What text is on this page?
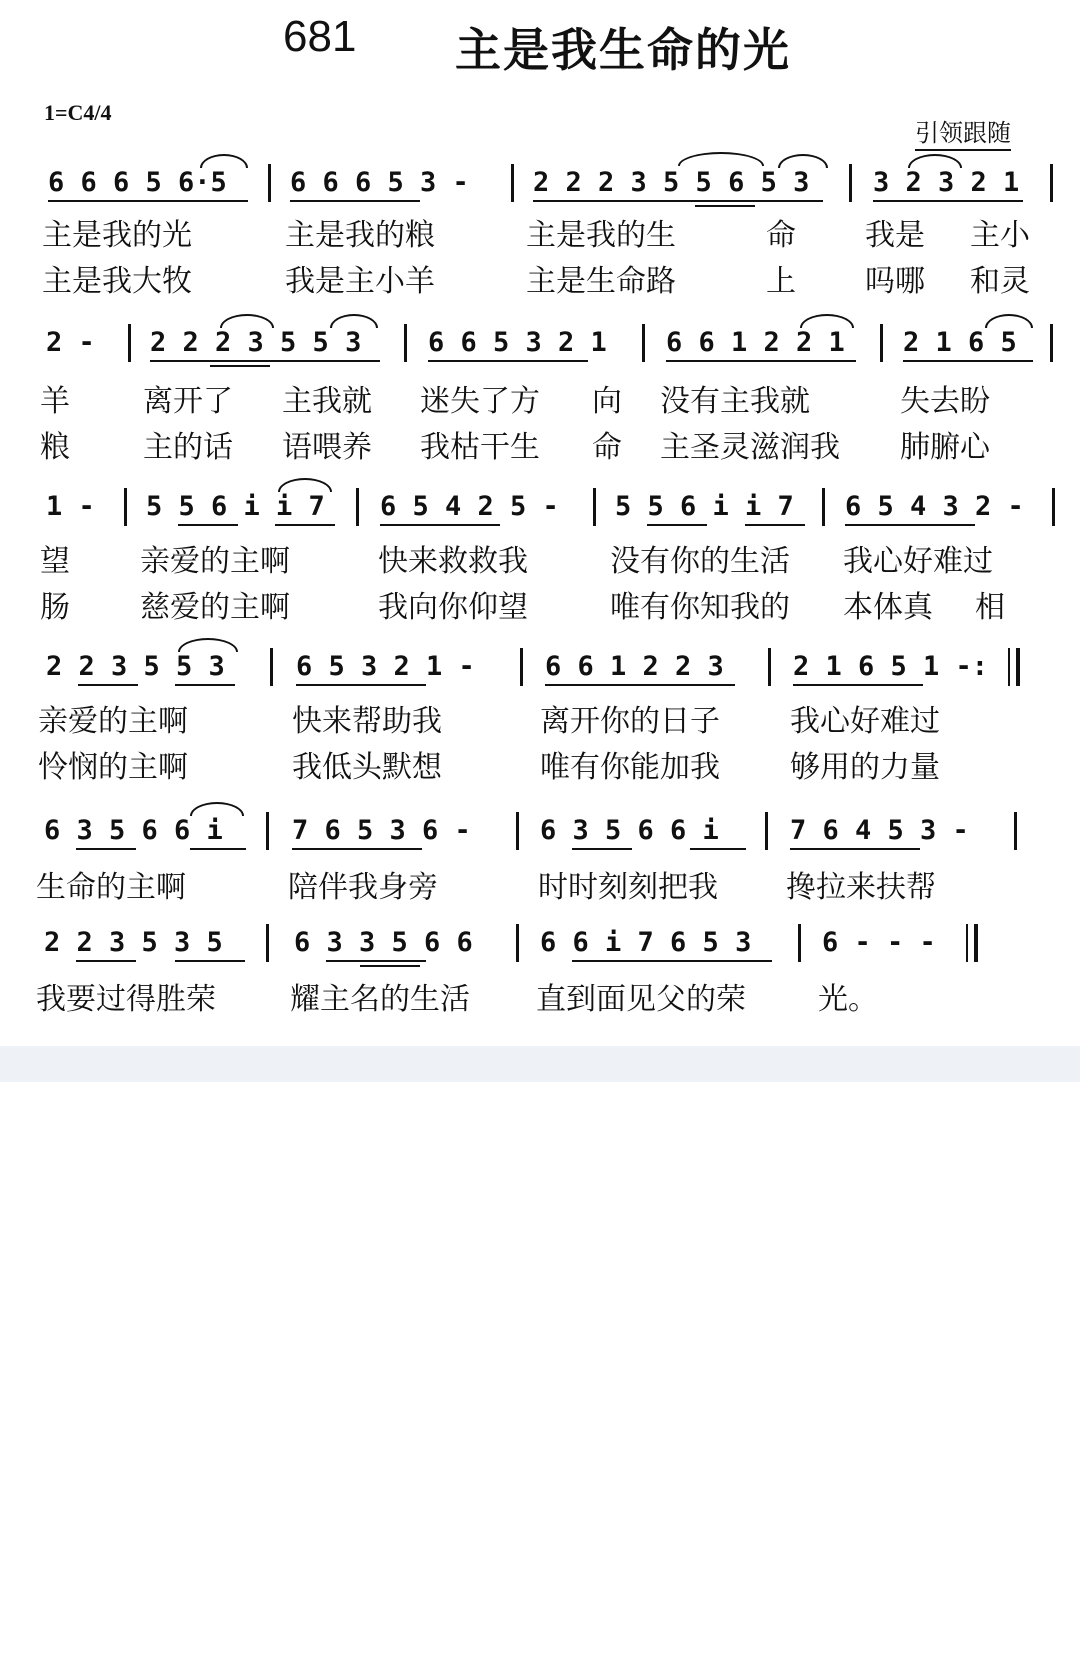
681 主是我生命的光
1=C4/4
引领跟随

6 6 6 5 6·5

6 6 6 5 3 -

2 2 2 3 5 5 6 5 3

3 2 3 2 1

主是我的光

	主是我的粮

	主是我的生

	命

我是

主小

主是我大牧

	我是主小羊

	主是生命路

	上

吗哪

和灵

2 -

2 2 2 3 5 5 3

6 6 5 3 2 1

6 6 1 2 2 1

2 1 6 5

羊

离开了

主我就

迷失了方

向

没有主我就

	失去盼

粮

主的话

语喂养

我枯干生

命

主圣灵滋润我

肺腑心

1 -

5 5 6 i i 7

6 5 4 2 5 -

5 5 6 i i 7

6 5 4 3 2 -

望

亲爱的主啊

	快来救救我

	没有你的生活

我心好难过

肠

慈爱的主啊

	我向你仰望

	唯有你知我的

本体真

相

2 2 3 5 5 3

	6 5 3 2 1 -

	6 6 1 2 2 3

	2 1 6 5 1 -:

亲爱的主啊

	快来帮助我

	离开你的日子

我心好难过

怜悯的主啊

	我低头默想

	唯有你能加我

够用的力量

6 3 5 6 6 i

	7 6 5 3 6 -

	6 3 5 6 6 i

	7 6 4 5 3 -

生命的主啊

	陪伴我身旁

	时时刻刻把我

搀拉来扶帮

2 2 3 5 3 5

	6 3 3 5 6 6

6 6 i 7 6 5 3

	6 - - -

我要过得胜荣

耀主名的生活

直到面见父的荣

光。
